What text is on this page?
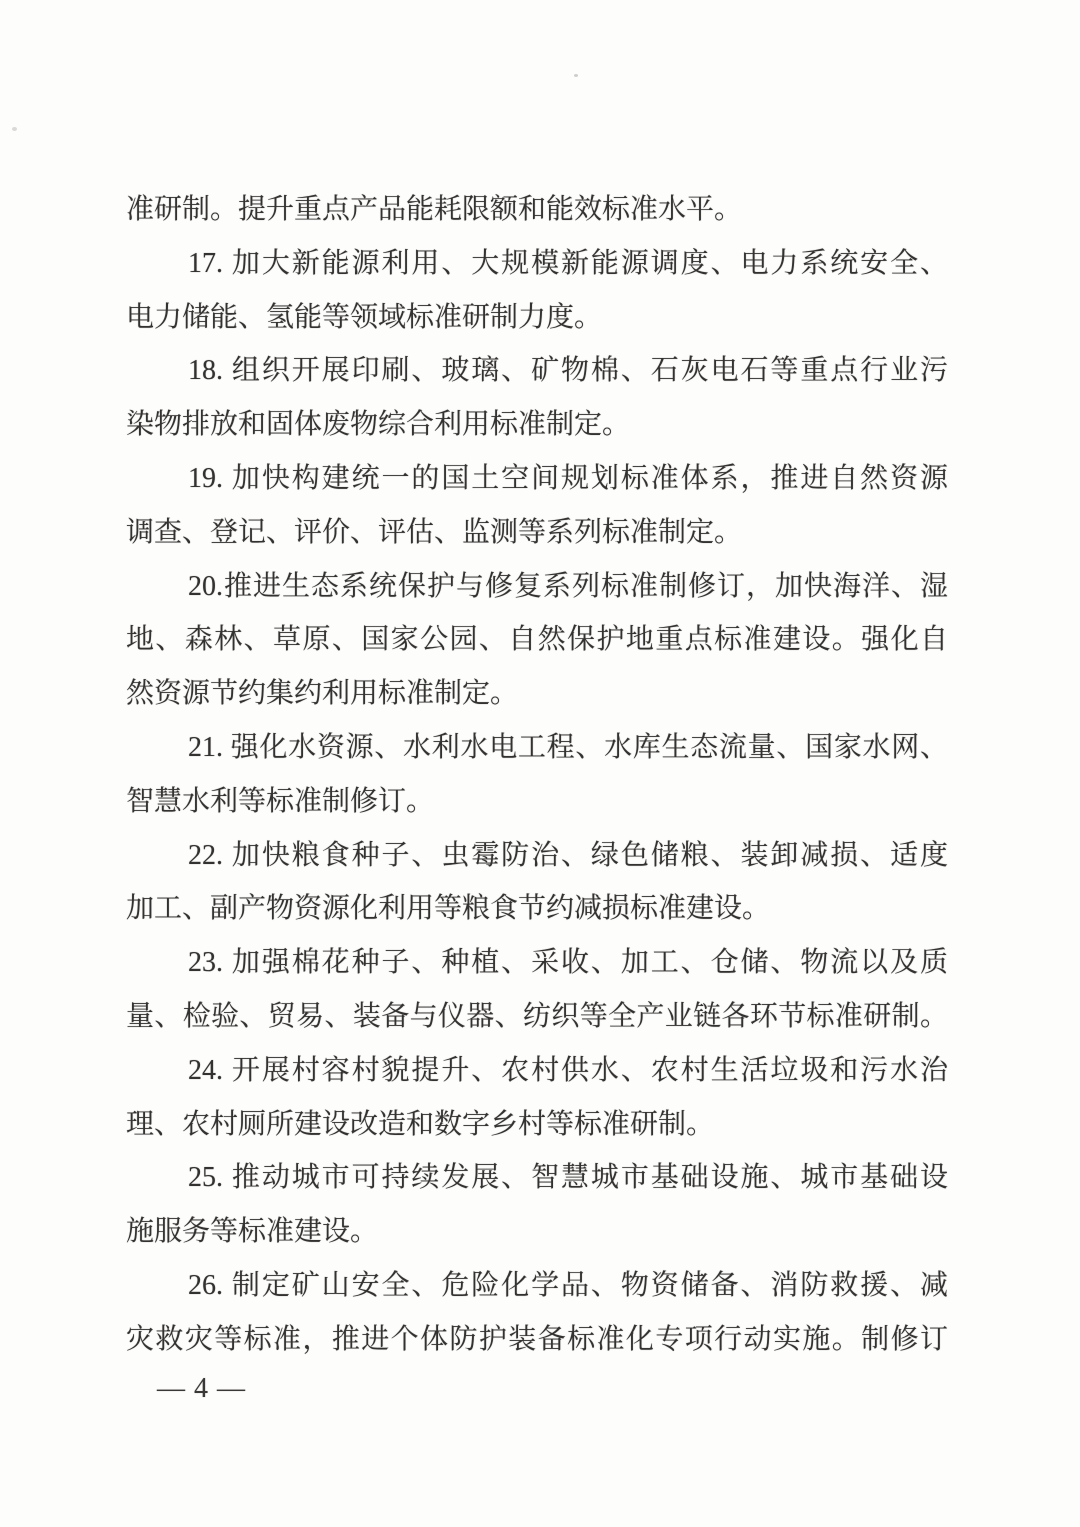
准研制。提升重点产品能耗限额和能效标准水平。
17. 加大新能源利用、大规模新能源调度、电力系统安全、
电力储能、氢能等领域标准研制力度。
18. 组织开展印刷、玻璃、矿物棉、石灰电石等重点行业污
染物排放和固体废物综合利用标准制定。
19. 加快构建统一的国土空间规划标准体系，推进自然资源
调查、登记、评价、评估、监测等系列标准制定。
20.推进生态系统保护与修复系列标准制修订，加快海洋、湿
地、森林、草原、国家公园、自然保护地重点标准建设。强化自
然资源节约集约利用标准制定。
21. 强化水资源、水利水电工程、水库生态流量、国家水网、
智慧水利等标准制修订。
22. 加快粮食种子、虫霉防治、绿色储粮、装卸减损、适度
加工、副产物资源化利用等粮食节约减损标准建设。
23. 加强棉花种子、种植、采收、加工、仓储、物流以及质
量、检验、贸易、装备与仪器、纺织等全产业链各环节标准研制。
24. 开展村容村貌提升、农村供水、农村生活垃圾和污水治
理、农村厕所建设改造和数字乡村等标准研制。
25. 推动城市可持续发展、智慧城市基础设施、城市基础设
施服务等标准建设。
26. 制定矿山安全、危险化学品、物资储备、消防救援、减
灾救灾等标准，推进个体防护装备标准化专项行动实施。制修订
— 4 —
